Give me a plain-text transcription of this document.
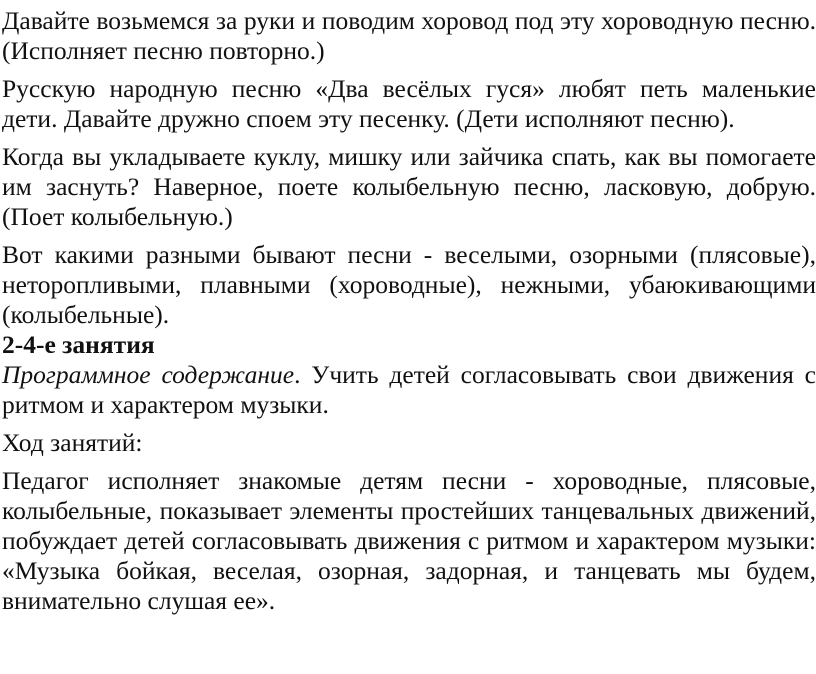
Давайте возьмемся за руки и поводим хоровод под эту хороводную песню. (Исполняет песню повторно.)

Русскую народную песню «Два весёлых гуся» любят петь маленькие дети. Давайте дружно споем эту песенку. (Дети исполняют песню).

Когда вы укладываете куклу, мишку или зайчика спать, как вы помогаете им заснуть? Наверное, поете колыбельную песню, ласковую, добрую. (Поет колыбельную.)

Вот какими разными бывают песни - веселыми, озорными (плясовые), неторопливыми, плавными (хороводные), нежными, убаюкивающими (колыбельные).

2-4-е занятия

Программное содержание. Учить детей согласовывать свои движения с ритмом и характером музыки.

Ход занятий:

Педагог исполняет знакомые детям песни - хороводные, плясовые, колыбельные, показывает элементы простейших танцевальных движений, побуждает детей согласовывать движения с ритмом и характером музыки: «Музыка бойкая, веселая, озорная, задорная, и танцевать мы будем, внимательно слушая ее».
